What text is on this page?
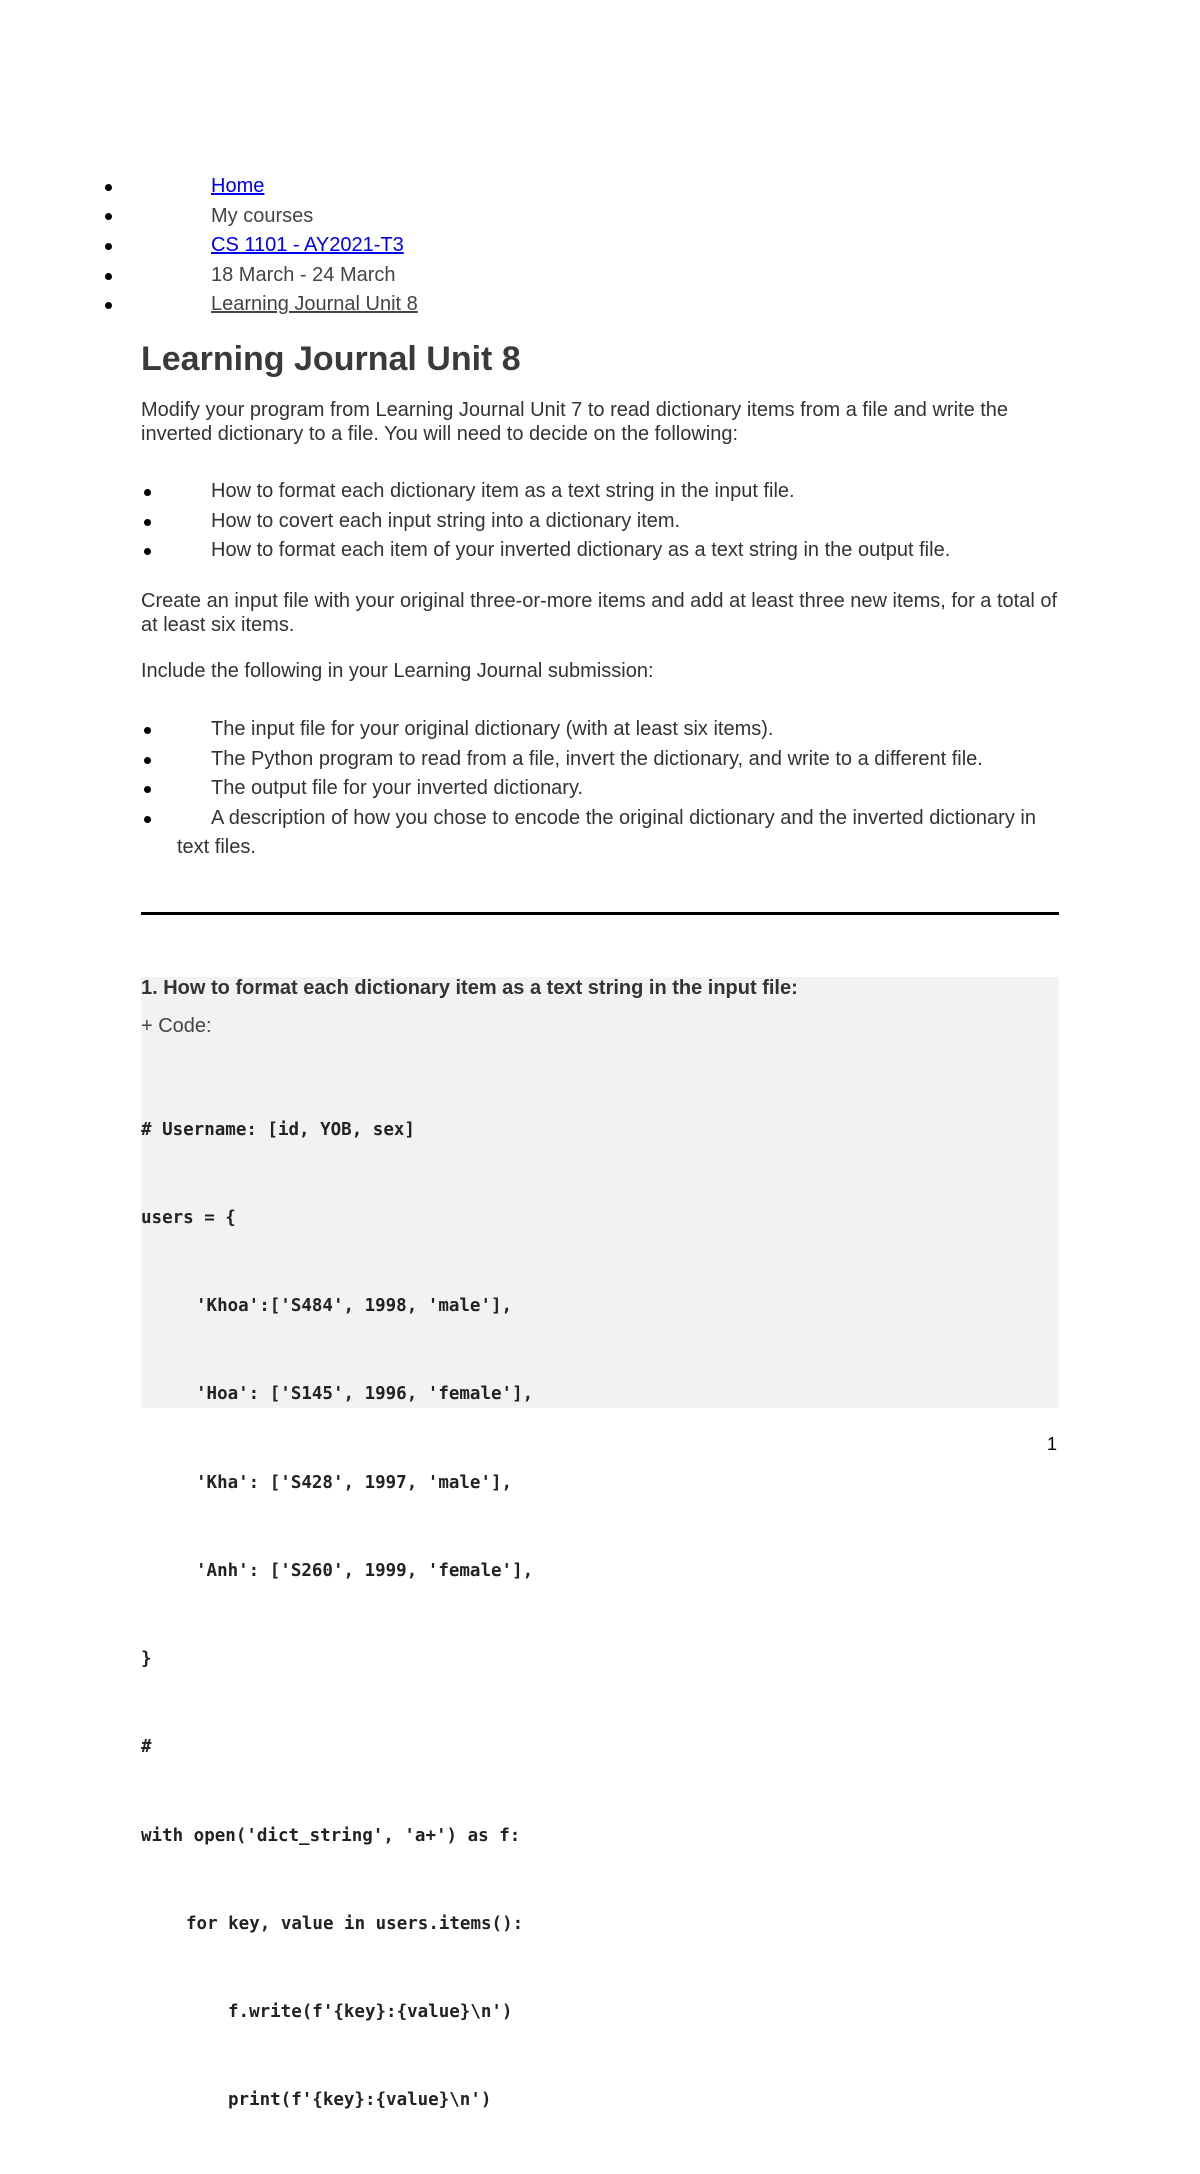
Home
My courses
CS 1101 - AY2021-T3
18 March - 24 March
Learning Journal Unit 8
Learning Journal Unit 8

Modify your program from Learning Journal Unit 7 to read dictionary items from a file and write the inverted dictionary to a file. You will need to decide on the following:

How to format each dictionary item as a text string in the input file.
How to covert each input string into a dictionary item.
How to format each item of your inverted dictionary as a text string in the output file.

Create an input file with your original three-or-more items and add at least three new items, for a total of at least six items.

Include the following in your Learning Journal submission:

The input file for your original dictionary (with at least six items).
The Python program to read from a file, invert the dictionary, and write to a different file.
The output file for your inverted dictionary.
A description of how you chose to encode the original dictionary and the inverted dictionary in text files.

1. How to format each dictionary item as a text string in the input file:

+ Code:

# Username: [id, YOB, sex]

users = {

'Khoa':['S484', 1998, 'male'],

'Hoa': ['S145', 1996, 'female'],

'Kha': ['S428', 1997, 'male'],

'Anh': ['S260', 1999, 'female'],

}

#

with open('dict_string', 'a+') as f:

for key, value in users.items():

f.write(f'{key}:{value}\n')

print(f'{key}:{value}\n')

1
